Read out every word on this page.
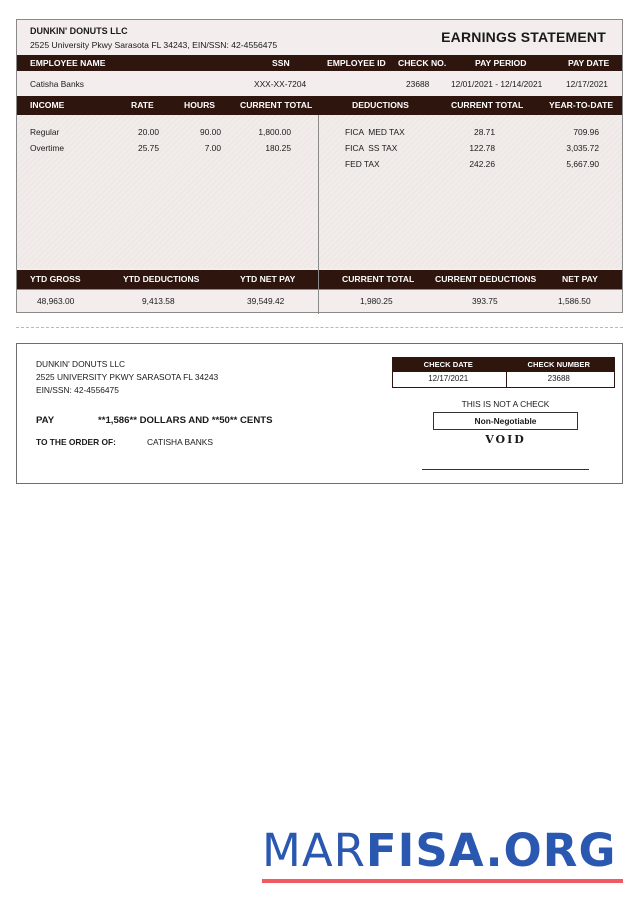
DUNKIN' DONUTS LLC
2525 University Pkwy Sarasota FL 34243, EIN/SSN: 42-4556475	EARNINGS STATEMENT
EMPLOYEE NAME	SSN	EMPLOYEE ID CHECK NO.	PAY PERIOD	PAY DATE
Catisha Banks	XXX-XX-7204	23688	12/01/2021 - 12/14/2021	12/17/2021
INCOME	RATE	HOURS	CURRENT TOTAL	DEDUCTIONS	CURRENT TOTAL	YEAR-TO-DATE
Regular	20.00	90.00	1,800.00
Overtime	25.75	7.00	180.25
FICA  MED TAX	28.71	709.96
FICA  SS TAX	122.78	3,035.72
FED TAX	242.26	5,667.90
YTD GROSS	YTD DEDUCTIONS	YTD NET PAY	CURRENT TOTAL CURRENT DEDUCTIONS	NET PAY
48,963.00	9,413.58	39,549.42	1,980.25	393.75	1,586.50
DUNKIN' DONUTS LLC
2525 UNIVERSITY PKWY SARASOTA FL 34243
EIN/SSN: 42-4556475
PAY	**1,586** DOLLARS AND **50** CENTS
TO THE ORDER OF:	CATISHA BANKS
CHECK DATE	CHECK NUMBER
12/17/2021	23688
THIS IS NOT A CHECK
Non-Negotiable
VOID
MARFISA.ORG
